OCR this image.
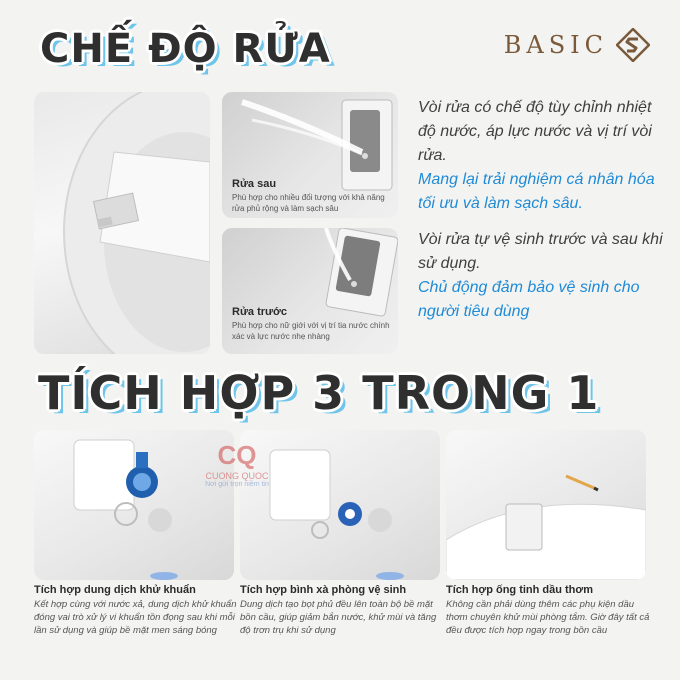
CHẾ ĐỘ RỬA	BASIC
Rửa sau
Phù hợp cho nhiều đối tượng với khả năng rửa phủ rộng và làm sạch sâu
Rửa trước
Phù hợp cho nữ giới với vị trí tia nước chính xác và lực nước nhẹ nhàng
Vòi rửa có chế độ tùy chỉnh nhiệt độ nước, áp lực nước và vị trí vòi rửa.
Mang lại trải nghiệm cá nhân hóa tối ưu và làm sạch sâu.
Vòi rửa tự vệ sinh trước và sau khi sử dụng.
Chủ động đảm bảo vệ sinh cho người tiêu dùng
TÍCH HỢP 3 TRONG 1
CQ
CUONG QUOC
Nơi gửi trọn niềm tin
Tích hợp dung dịch khử khuẩn
Kết hợp cùng với nước xả, dung dịch khử khuẩn đóng vai trò xử lý vi khuẩn tồn đọng sau khi mỗi lần sử dụng và giúp bề mặt men sáng bóng
Tích hợp bình xà phòng vệ sinh
Dung dịch tạo bọt phủ đều lên toàn bộ bề mặt bồn cầu, giúp giảm bắn nước, khử mùi và tăng độ trơn trụ khi sử dụng
Tích hợp ống tinh dầu thơm
Không cần phải dùng thêm các phụ kiện dầu thơm chuyên khử mùi phòng tắm. Giờ đây tất cả đều được tích hợp ngay trong bồn cầu
